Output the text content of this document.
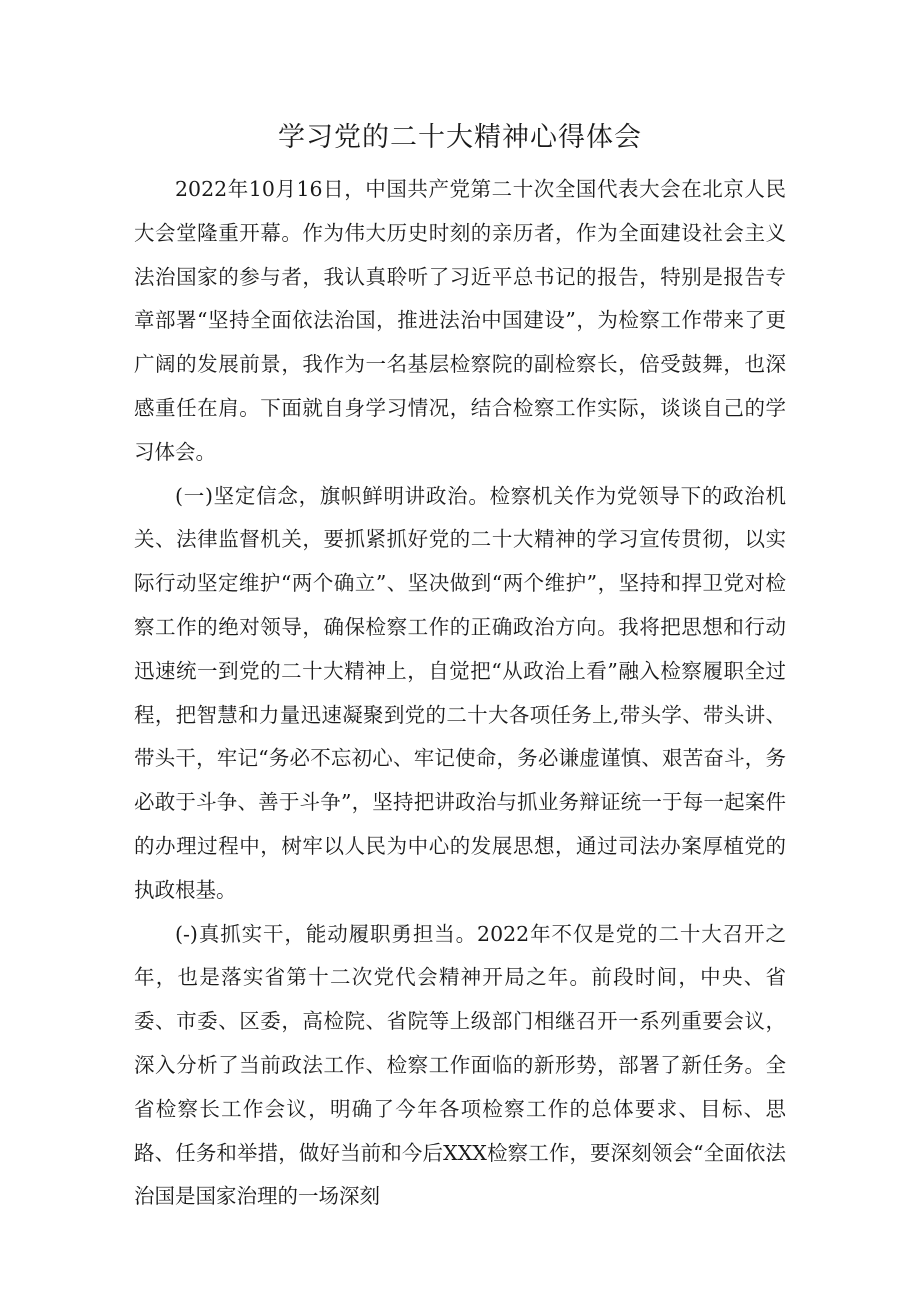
学习党的二十大精神心得体会

2022年10月16日，中国共产党第二十次全国代表大会在北京人民大会堂隆重开幕。作为伟大历史时刻的亲历者，作为全面建设社会主义法治国家的参与者，我认真聆听了习近平总书记的报告，特别是报告专章部署“坚持全面依法治国，推进法治中国建设”，为检察工作带来了更广阔的发展前景，我作为一名基层检察院的副检察长，倍受鼓舞，也深感重任在肩。下面就自身学习情况，结合检察工作实际，谈谈自己的学习体会。

(一)坚定信念，旗帜鲜明讲政治。检察机关作为党领导下的政治机关、法律监督机关，要抓紧抓好党的二十大精神的学习宣传贯彻，以实际行动坚定维护“两个确立”、坚决做到“两个维护”，坚持和捍卫党对检察工作的绝对领导，确保检察工作的正确政治方向。我将把思想和行动迅速统一到党的二十大精神上，自觉把“从政治上看”融入检察履职全过程，把智慧和力量迅速凝聚到党的二十大各项任务上,带头学、带头讲、带头干，牢记“务必不忘初心、牢记使命，务必谦虚谨慎、艰苦奋斗，务必敢于斗争、善于斗争”，坚持把讲政治与抓业务辩证统一于每一起案件的办理过程中，树牢以人民为中心的发展思想，通过司法办案厚植党的执政根基。

(-)真抓实干，能动履职勇担当。2022年不仅是党的二十大召开之年，也是落实省第十二次党代会精神开局之年。前段时间，中央、省委、市委、区委，高检院、省院等上级部门相继召开一系列重要会议，深入分析了当前政法工作、检察工作面临的新形势，部署了新任务。全省检察长工作会议，明确了今年各项检察工作的总体要求、目标、思路、任务和举措，做好当前和今后XXX检察工作，要深刻领会“全面依法治国是国家治理的一场深刻
